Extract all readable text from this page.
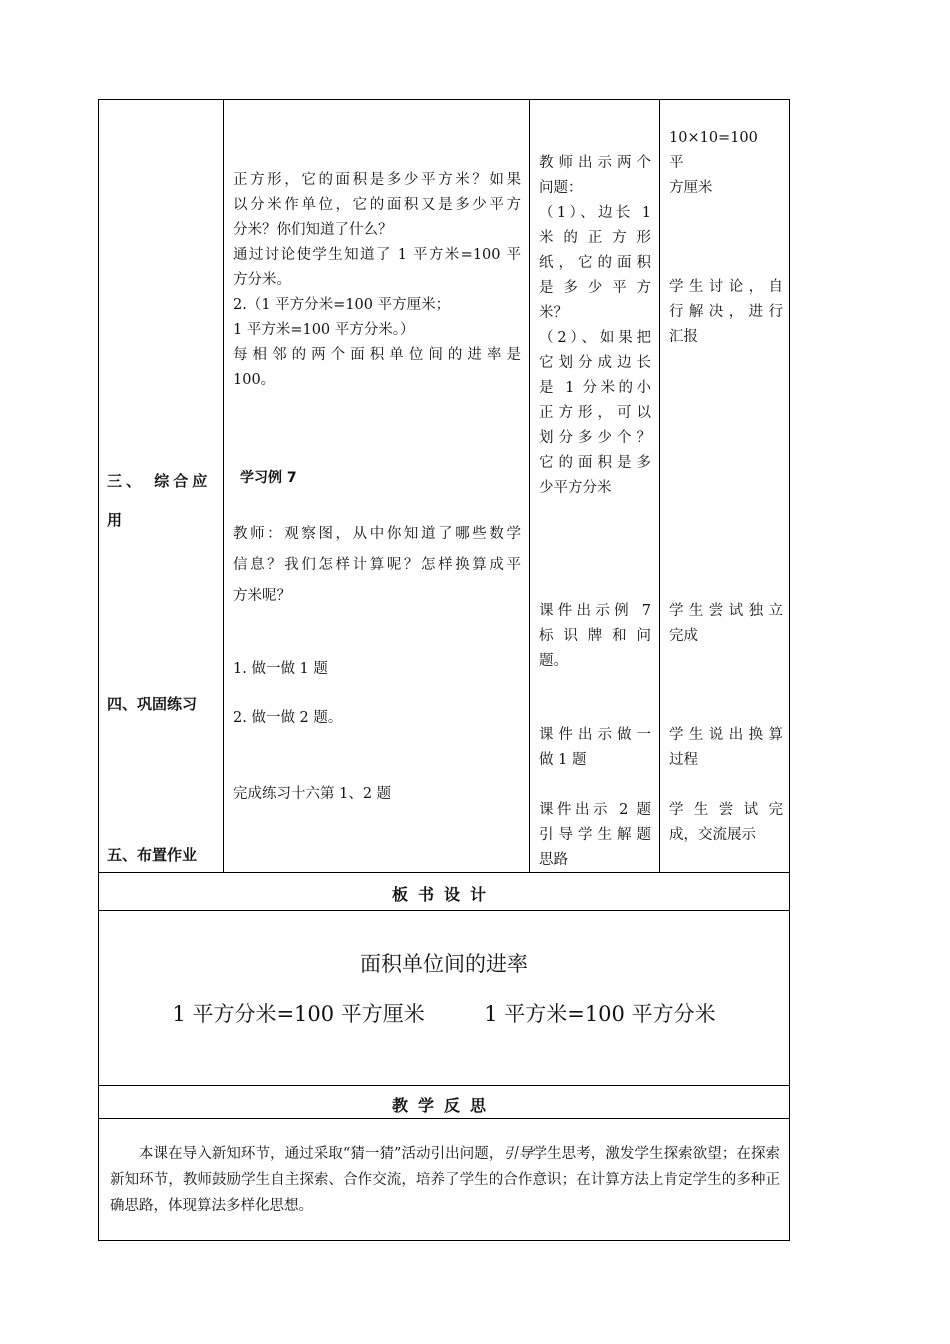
三、 综合应
用
四、巩固练习
五、布置作业

正方形，它的面积是多少平方米？如果

以分米作单位，它的面积又是多少平方

分米？你们知道了什么？

通过讨论使学生知道了 1 平方米=100 平

方分米。

2.（1 平方分米=100 平方厘米；

1 平方米=100 平方分米。）

每相邻的两个面积单位间的进率是

100。

学习例 7

教师：观察图，从中你知道了哪些数学

信息？我们怎样计算呢？怎样换算成平

方米呢？

1. 做一做 1 题
2. 做一做 2 题。
完成练习十六第 1、2 题

教师出示两个

问题：

（1）、边长 1

米 的 正 方 形

纸，它的面积

是 多 少 平 方

米？

（2）、如果把

它划分成边长

是 1 分米的小

正方形，可以

划分多少个？

它的面积是多

少平方分米

课件出示例 7

标 识 牌 和 问

题。

课件出示做一

做 1 题

课件出示 2 题

引导学生解题

思路

10×10=100　平

方厘米

学生讨论，自

行解决，进行

汇报

学生尝试独立

完成

学生说出换算

过程

学 生 尝 试 完

成，交流展示

板书设计
面积单位间的进率
1 平方分米=100 平方厘米	1 平方米=100 平方分米
教学反思

本课在导入新知环节，通过采取“猜一猜”活动引出问题，引导学生思考，激发学生探索欲望；在探索新知环节，教师鼓励学生自主探索、合作交流，培养了学生的合作意识；在计算方法上肯定学生的多种正确思路，体现算法多样化思想。
